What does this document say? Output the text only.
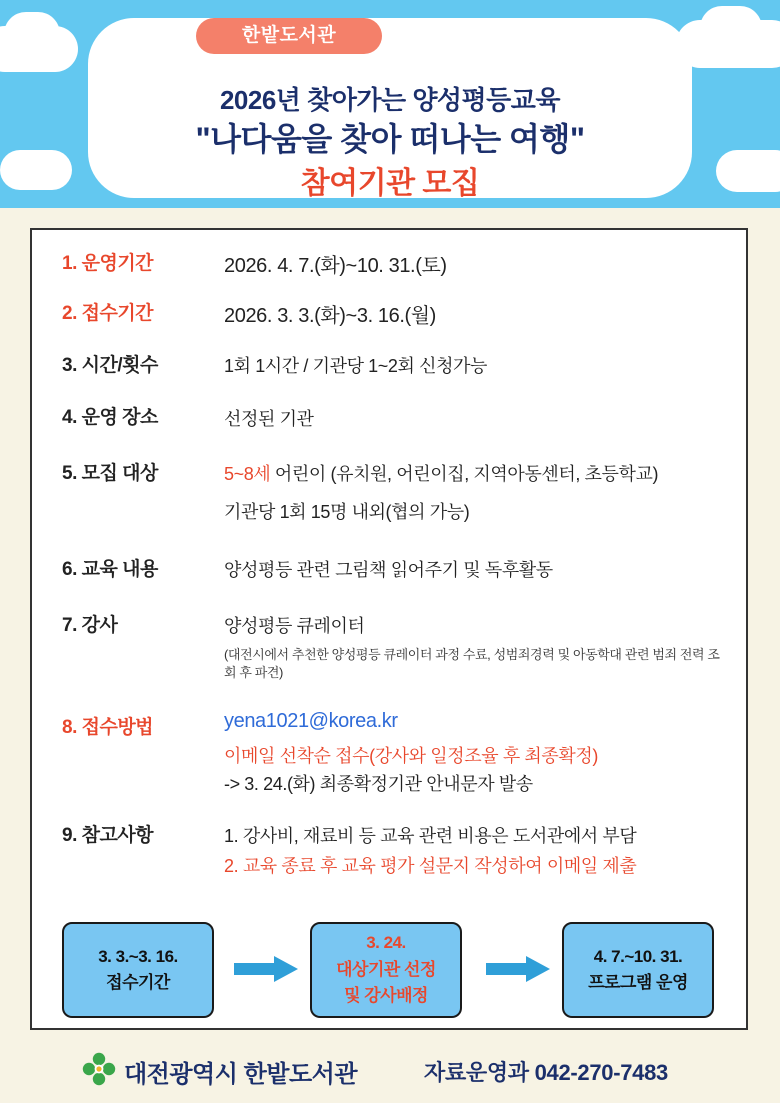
2026년 찾아가는 양성평등교육
"나다움을 찾아 떠나는 여행"
참여기관 모집
한밭도서관
1. 운영기간	2026. 4. 7.(화)~10. 31.(토)
2. 접수기간	2026. 3. 3.(화)~3. 16.(월)
3. 시간/횟수	1회 1시간 / 기관당 1~2회 신청가능
4. 운영 장소	선정된 기관
5. 모집 대상	5~8세 어린이 (유치원, 어린이집, 지역아동센터, 초등학교)
기관당 1회 15명 내외(협의 가능)
6. 교육 내용	양성평등 관련 그림책 읽어주기 및 독후활동
7. 강사	양성평등 큐레이터
(대전시에서 추천한 양성평등 큐레이터 과정 수료, 성범죄경력 및 아동학대 관련 범죄 전력 조회 후 파견)
8. 접수방법	yena1021@korea.kr
이메일 선착순 접수(강사와 일정조율 후 최종확정)
-> 3. 24.(화) 최종확정기관 안내문자 발송
9. 참고사항	1. 강사비, 재료비 등 교육 관련 비용은 도서관에서 부담
2. 교육 종료 후 교육 평가 설문지 작성하여 이메일 제출
3. 3.~3. 16.
접수기간
3. 24.
대상기관 선정
및 강사배정
4. 7.~10. 31.
프로그램 운영
대전광역시 한밭도서관	자료운영과 042-270-7483
